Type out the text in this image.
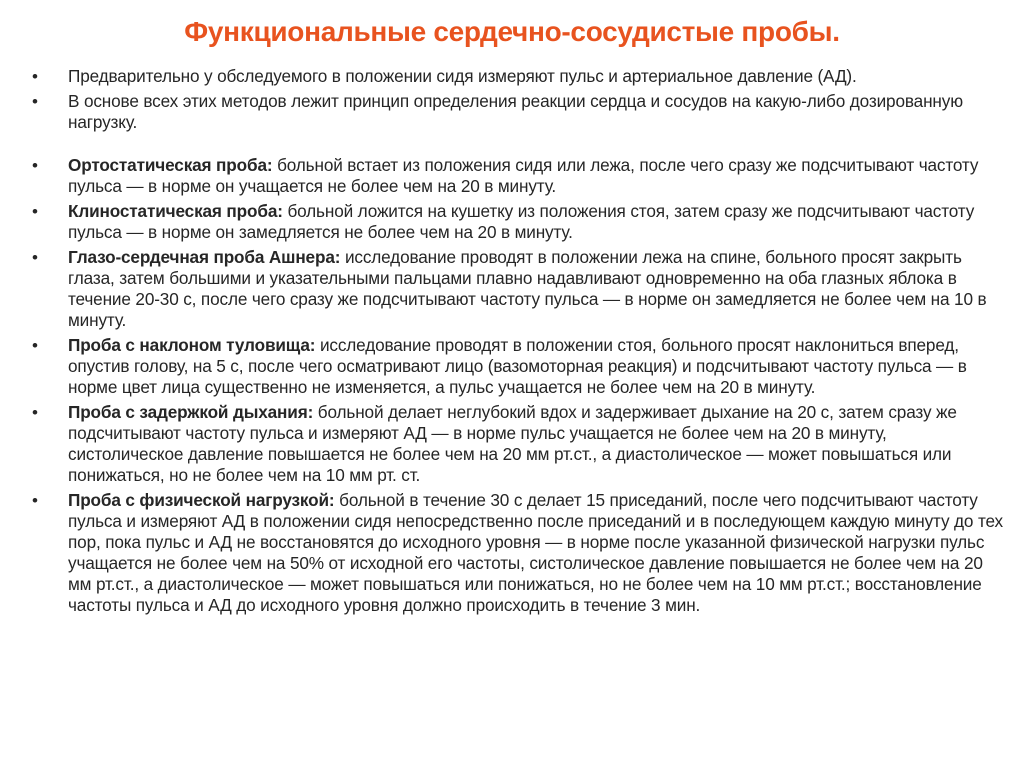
Функциональные сердечно-сосудистые пробы.
• Предварительно у обследуемого в положении сидя измеряют пульс и артериальное давление (АД).
• В основе всех этих методов лежит принцип определения реакции сердца и сосудов на какую-либо дозированную нагрузку.
• Ортостатическая проба: больной встает из положения сидя или лежа, после чего сразу же подсчитывают частоту пульса — в норме он учащается не более чем на 20 в минуту.
• Клиностатическая проба: больной ложится на кушетку из положения стоя, затем сразу же подсчитывают частоту пульса — в норме он замедляется не более чем на 20 в минуту.
• Глазо-сердечная проба Ашнера: исследование проводят в положении лежа на спине, больного просят закрыть глаза, затем большими и указательными пальцами плавно надавливают одновременно на оба глазных яблока в течение 20-30 с, после чего сразу же подсчитывают частоту пульса — в норме он замедляется не более чем на 10 в минуту.
• Проба с наклоном туловища: исследование проводят в положении стоя, больного просят наклониться вперед, опустив голову, на 5 с, после чего осматривают лицо (вазомоторная реакция) и подсчитывают частоту пульса — в норме цвет лица существенно не изменяется, а пульс учащается не более чем на 20 в минуту.
• Проба с задержкой дыхания: больной делает неглубокий вдох и задерживает дыхание на 20 с, затем сразу же подсчитывают частоту пульса и измеряют АД — в норме пульс учащается не более чем на 20 в минуту, систолическое давление повышается не более чем на 20 мм рт.ст., а диастолическое — может повышаться или понижаться, но не более чем на 10 мм рт. ст.
• Проба с физической нагрузкой: больной в течение 30 с делает 15 приседаний, после чего подсчитывают частоту пульса и измеряют АД в положении сидя непосредственно после приседаний и в последующем каждую минуту до тех пор, пока пульс и АД не восстановятся до исходного уровня — в норме после указанной физической нагрузки пульс учащается не более чем на 50% от исходной его частоты, систолическое давление повышается не более чем на 20 мм рт.ст., а диастолическое — может повышаться или понижаться, но не более чем на 10 мм рт.ст.; восстановление частоты пульса и АД до исходного уровня должно происходить в течение 3 мин.
